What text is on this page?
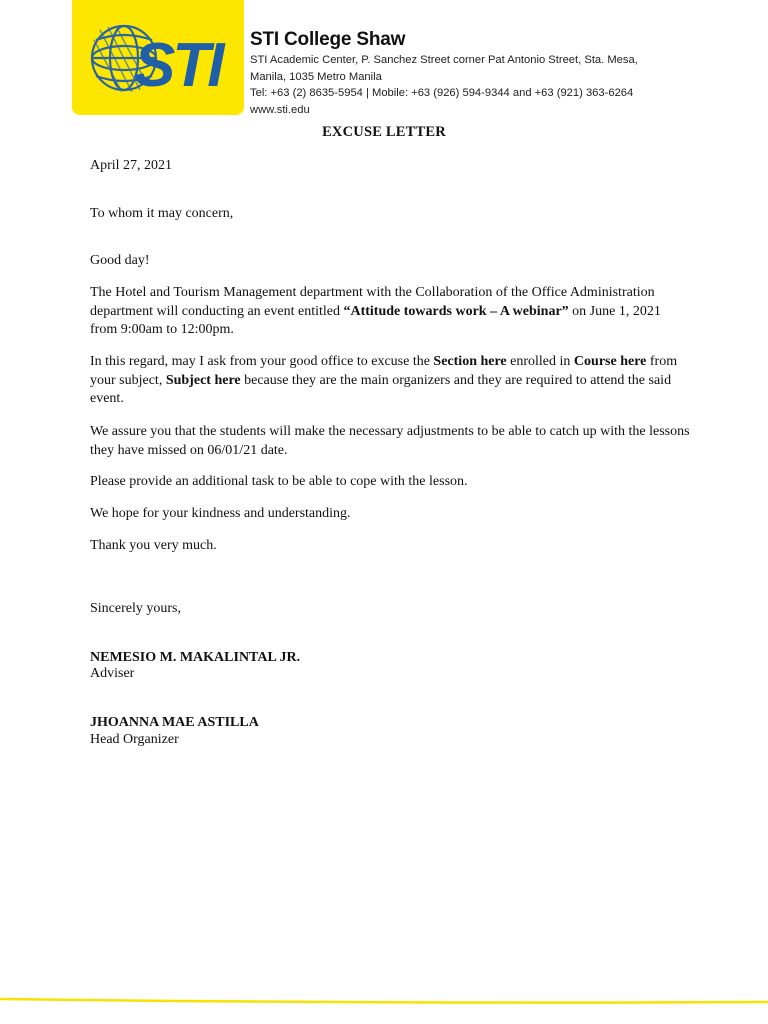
STI STI College Shaw
STI Academic Center, P. Sanchez Street corner Pat Antonio Street, Sta. Mesa,
Manila, 1035 Metro Manila
Tel: +63 (2) 8635-5954 | Mobile: +63 (926) 594-9344 and +63 (921) 363-6264
www.sti.edu
EXCUSE LETTER
April 27, 2021
To whom it may concern,
Good day!
The Hotel and Tourism Management department with the Collaboration of the Office Administration department will conducting an event entitled “Attitude towards work – A webinar” on June 1, 2021 from 9:00am to 12:00pm.
In this regard, may I ask from your good office to excuse the Section here enrolled in Course here from your subject, Subject here because they are the main organizers and they are required to attend the said event.
We assure you that the students will make the necessary adjustments to be able to catch up with the lessons they have missed on 06/01/21 date.
Please provide an additional task to be able to cope with the lesson.
We hope for your kindness and understanding.
Thank you very much.
Sincerely yours,
NEMESIO M. MAKALINTAL JR.
Adviser
JHOANNA MAE ASTILLA
Head Organizer
